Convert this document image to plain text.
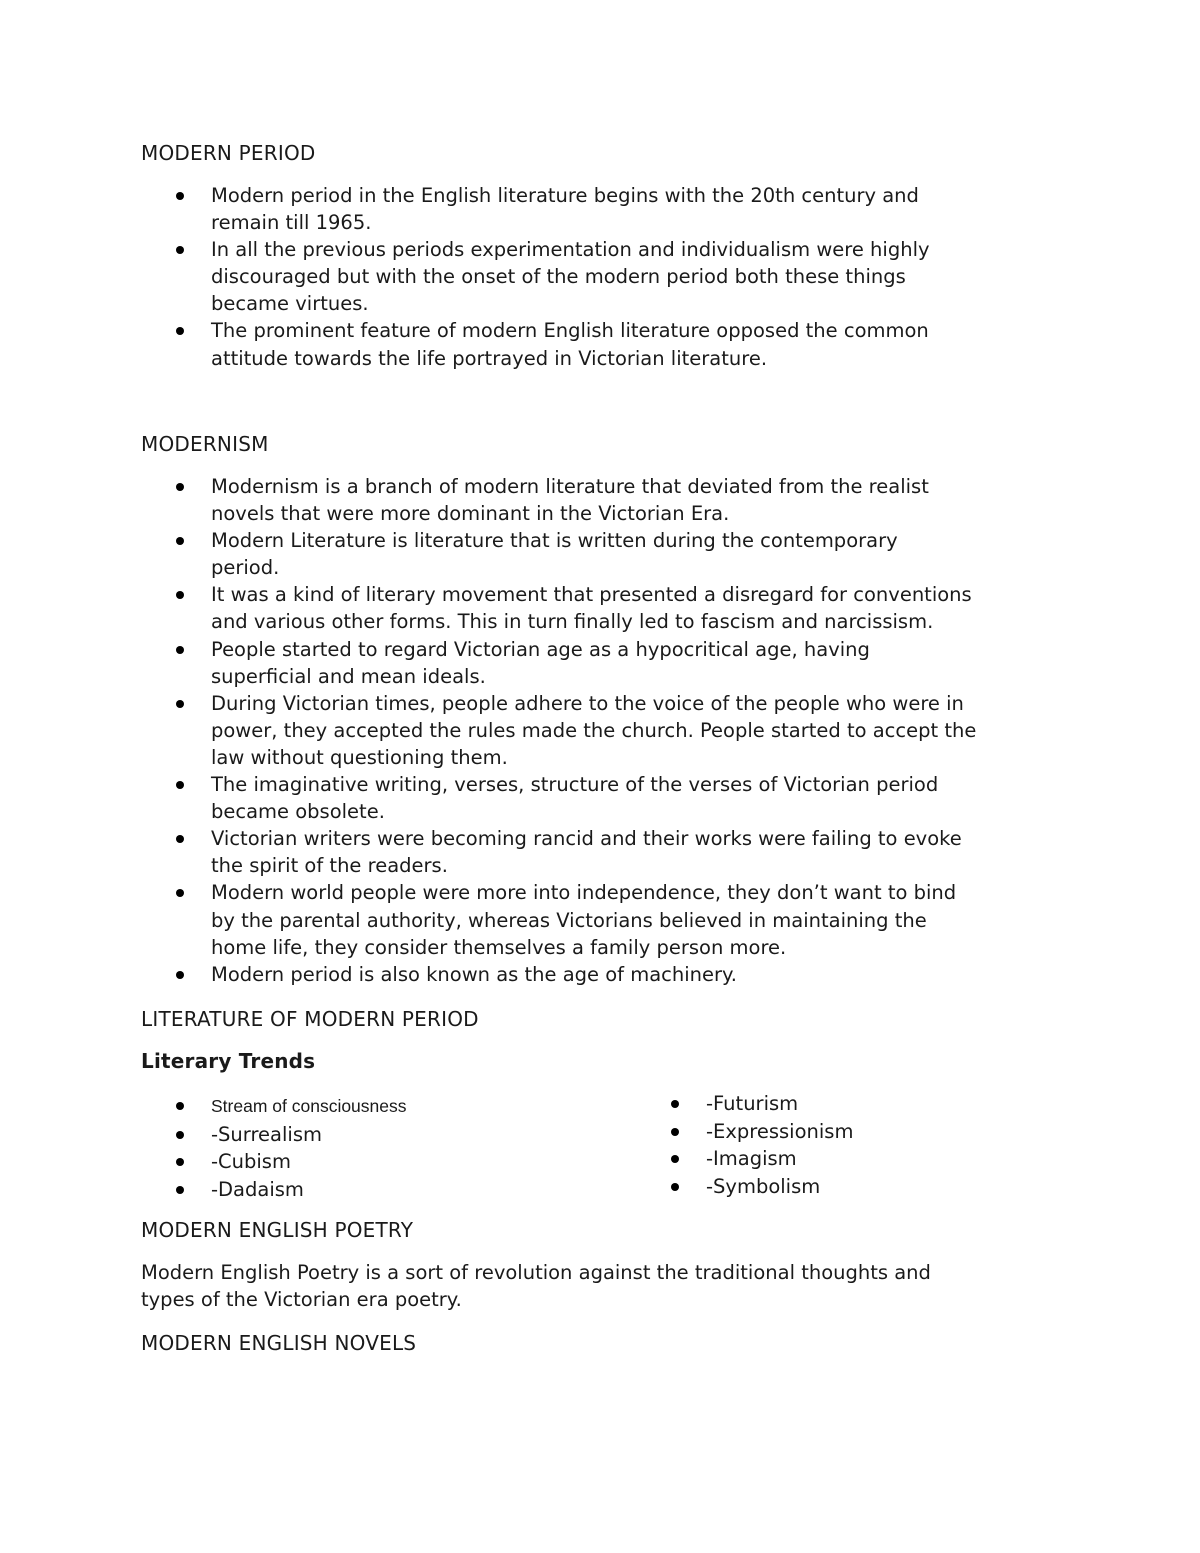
MODERN PERIOD
Modern period in the English literature begins with the 20th century and
remain till 1965.
In all the previous periods experimentation and individualism were highly
discouraged but with the onset of the modern period both these things
became virtues.
The prominent feature of modern English literature opposed the common
attitude towards the life portrayed in Victorian literature.
MODERNISM
Modernism is a branch of modern literature that deviated from the realist
novels that were more dominant in the Victorian Era.
Modern Literature is literature that is written during the contemporary
period.
It was a kind of literary movement that presented a disregard for conventions
and various other forms. This in turn finally led to fascism and narcissism.
People started to regard Victorian age as a hypocritical age, having
superficial and mean ideals.
During Victorian times, people adhere to the voice of the people who were in
power, they accepted the rules made the church. People started to accept the
law without questioning them.
The imaginative writing, verses, structure of the verses of Victorian period
became obsolete.
Victorian writers were becoming rancid and their works were failing to evoke
the spirit of the readers.
Modern world people were more into independence, they don’t want to bind
by the parental authority, whereas Victorians believed in maintaining the
home life, they consider themselves a family person more.
Modern period is also known as the age of machinery.
LITERATURE OF MODERN PERIOD
Literary Trends
Stream of consciousness
-Surrealism
-Cubism
-Dadaism
-Futurism
-Expressionism
-Imagism
-Symbolism
MODERN ENGLISH POETRY

Modern English Poetry is a sort of revolution against the traditional thoughts and
types of the Victorian era poetry.

MODERN ENGLISH NOVELS
